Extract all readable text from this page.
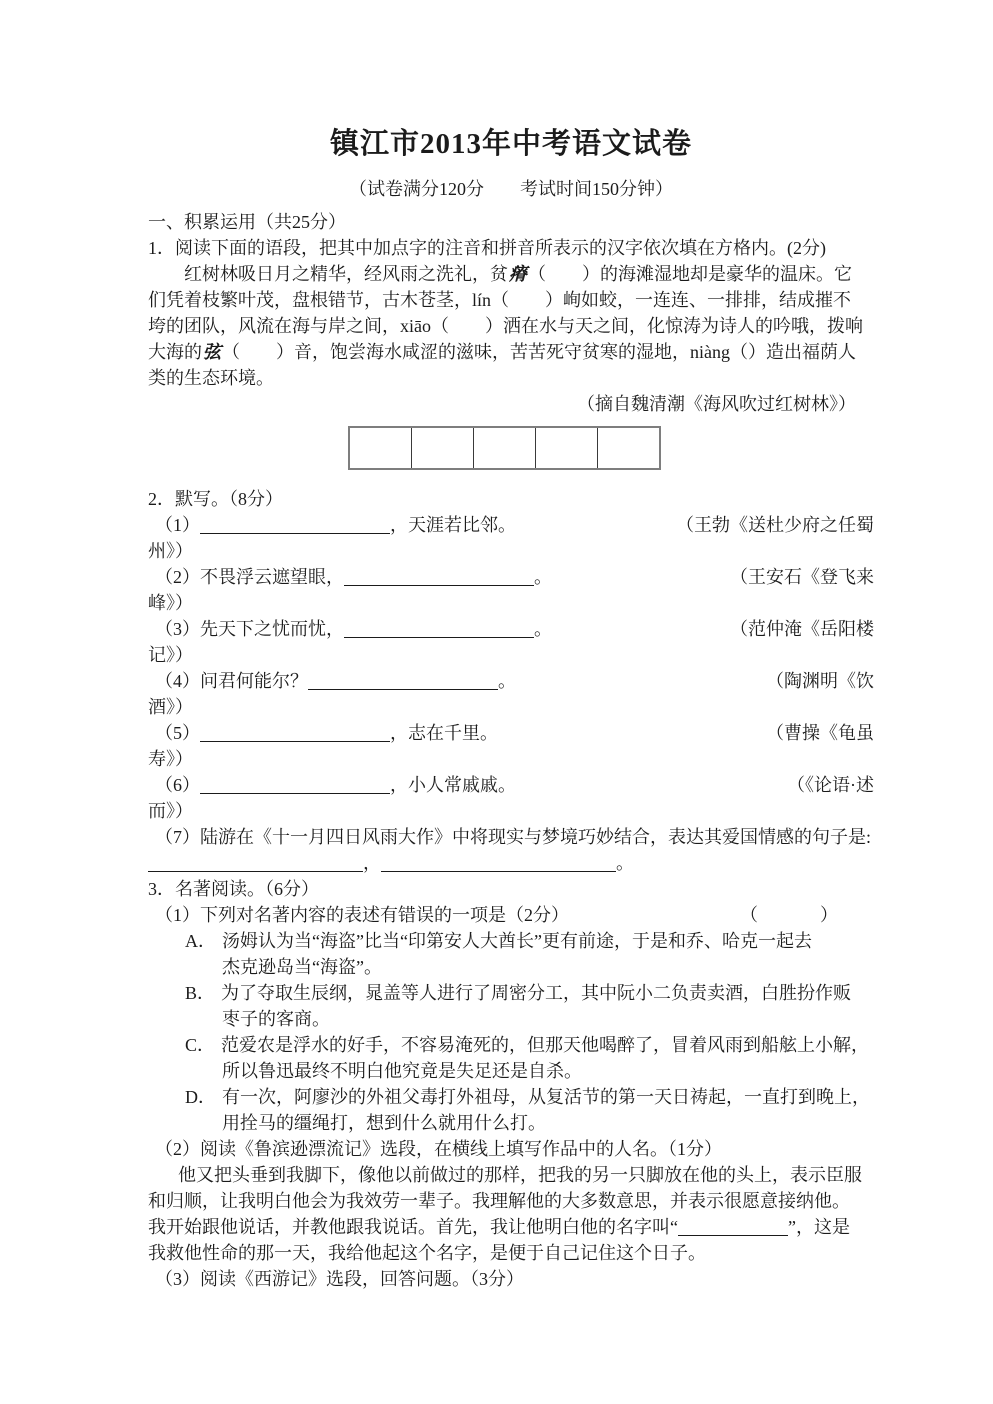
镇江市2013年中考语文试卷
（试卷满分120分　　考试时间150分钟）
一、积累运用（共25分）
1．阅读下面的语段，把其中加点字的注音和拼音所表示的汉字依次填在方格内。(2分)
红树林吸日月之精华，经风雨之洗礼，贫瘠（　　）的海滩湿地却是豪华的温床。它
们凭着枝繁叶茂，盘根错节，古木苍茎，lín（　　）峋如蛟，一连连、一排排，结成摧不
垮的团队，风流在海与岸之间，xiāo（　　）洒在水与天之间，化惊涛为诗人的吟哦，拨响
大海的弦（　　）音，饱尝海水咸涩的滋味，苦苦死守贫寒的湿地，niàng（）造出福荫人
类的生态环境。
（摘自魏清潮《海风吹过红树林》）

2．默写。（8分）
（1）	，天涯若比邻。	（王勃《送杜少府之任蜀
州》）
（2）不畏浮云遮望眼，	。	（王安石《登飞来
峰》）
（3）先天下之忧而忧，	。	（范仲淹《岳阳楼
记》）
（4）问君何能尔？	。	（陶渊明《饮
酒》）
（5）	，志在千里。	（曹操《龟虽
寿》）
（6）	，小人常戚戚。	（《论语·述
而》）
（7）陆游在《十一月四日风雨大作》中将现实与梦境巧妙结合，表达其爱国情感的句子是:
，	。
3．名著阅读。（6分）
（1）下列对名著内容的表述有错误的一项是（2分）	（　　　）
A． 汤姆认为当“海盗”比当“印第安人大酋长”更有前途，于是和乔、哈克一起去
杰克逊岛当“海盗”。
B． 为了夺取生辰纲，晁盖等人进行了周密分工，其中阮小二负责卖酒，白胜扮作贩
枣子的客商。
C． 范爱农是浮水的好手，不容易淹死的，但那天他喝醉了，冒着风雨到船舷上小解，
所以鲁迅最终不明白他究竟是失足还是自杀。
D． 有一次，阿廖沙的外祖父毒打外祖母，从复活节的第一天日祷起，一直打到晚上，
用拴马的缰绳打，想到什么就用什么打。
（2）阅读《鲁滨逊漂流记》选段，在横线上填写作品中的人名。（1分）
他又把头垂到我脚下，像他以前做过的那样，把我的另一只脚放在他的头上，表示臣服
和归顺，让我明白他会为我效劳一辈子。我理解他的大多数意思，并表示很愿意接纳他。
我开始跟他说话，并教他跟我说话。首先，我让他明白他的名字叫“	”，这是
我救他性命的那一天，我给他起这个名字，是便于自己记住这个日子。
（3）阅读《西游记》选段，回答问题。（3分）
